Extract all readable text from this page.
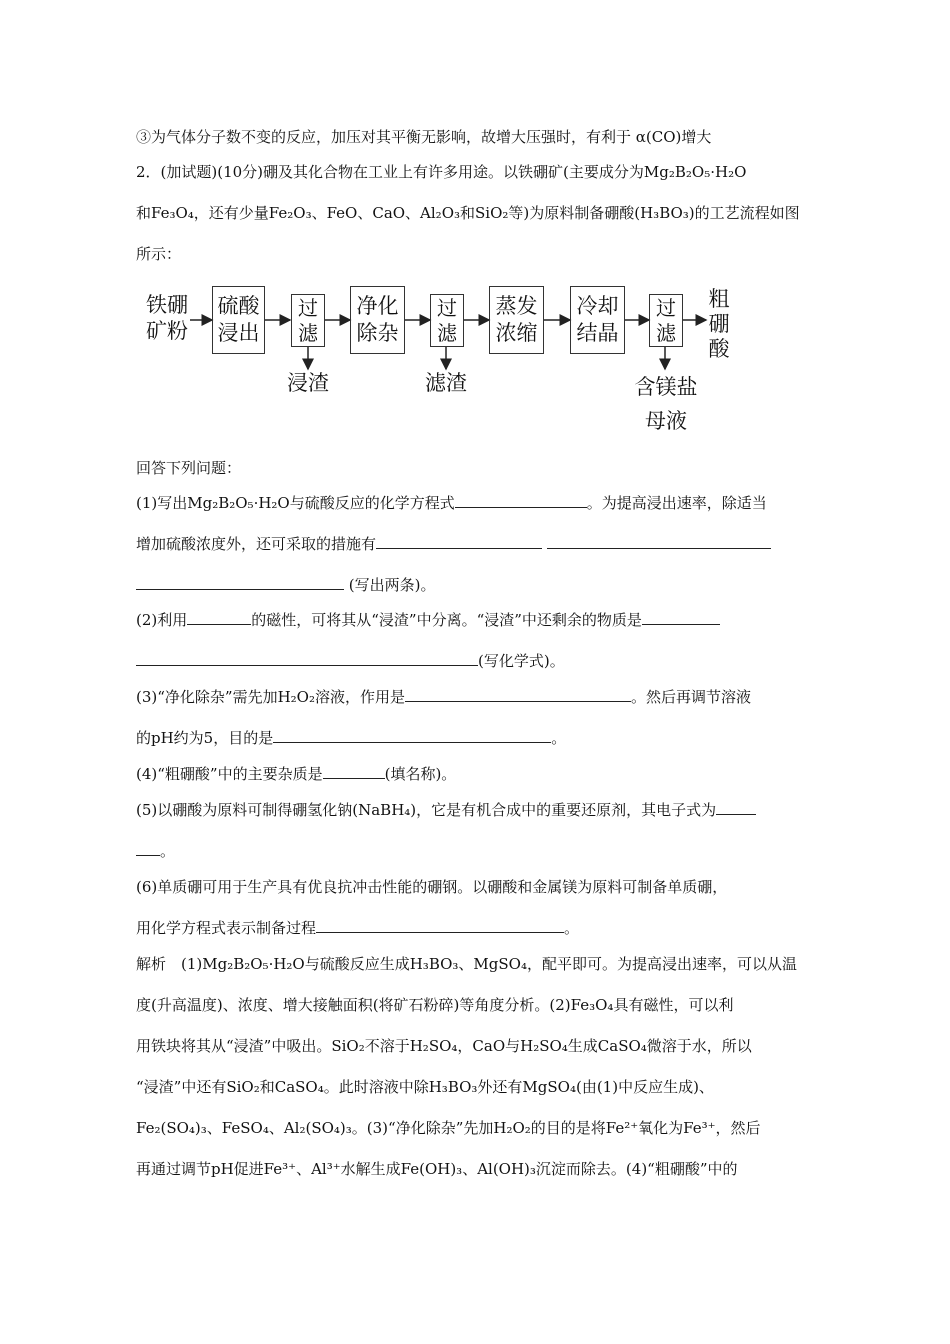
③为气体分子数不变的反应，加压对其平衡无影响，故增大压强时，有利于 α(CO)增大
2．(加试题)(10分)硼及其化合物在工业上有许多用途。以铁硼矿(主要成分为Mg₂B₂O₅·H₂O
和Fe₃O₄，还有少量Fe₂O₃、FeO、CaO、Al₂O₃和SiO₂等)为原料制备硼酸(H₃BO₃)的工艺流程如图
所示：
铁硼
矿粉
硫酸
浸出
过
滤
净化
除杂
过
滤
蒸发
浓缩
冷却
结晶
过
滤
粗
硼
酸
浸渣	滤渣	含镁盐
母液
回答下列问题：
(1)写出Mg₂B₂O₅·H₂O与硫酸反应的化学方程式	。为提高浸出速率，除适当
增加硫酸浓度外，还可采取的措施有
(写出两条)。
(2)利用	的磁性，可将其从“浸渣”中分离。“浸渣”中还剩余的物质是
(写化学式)。
(3)“净化除杂”需先加H₂O₂溶液，作用是	。然后再调节溶液
的pH约为5，目的是	。
(4)“粗硼酸”中的主要杂质是	(填名称)。
(5)以硼酸为原料可制得硼氢化钠(NaBH₄)，它是有机合成中的重要还原剂，其电子式为
。
(6)单质硼可用于生产具有优良抗冲击性能的硼钢。以硼酸和金属镁为原料可制备单质硼，
用化学方程式表示制备过程	。
解析　(1)Mg₂B₂O₅·H₂O与硫酸反应生成H₃BO₃、MgSO₄，配平即可。为提高浸出速率，可以从温
度(升高温度)、浓度、增大接触面积(将矿石粉碎)等角度分析。(2)Fe₃O₄具有磁性，可以利
用铁块将其从“浸渣”中吸出。SiO₂不溶于H₂SO₄，CaO与H₂SO₄生成CaSO₄微溶于水，所以
“浸渣”中还有SiO₂和CaSO₄。此时溶液中除H₃BO₃外还有MgSO₄(由(1)中反应生成)、
Fe₂(SO₄)₃、FeSO₄、Al₂(SO₄)₃。(3)“净化除杂”先加H₂O₂的目的是将Fe²⁺氧化为Fe³⁺，然后
再通过调节pH促进Fe³⁺、Al³⁺水解生成Fe(OH)₃、Al(OH)₃沉淀而除去。(4)“粗硼酸”中的
